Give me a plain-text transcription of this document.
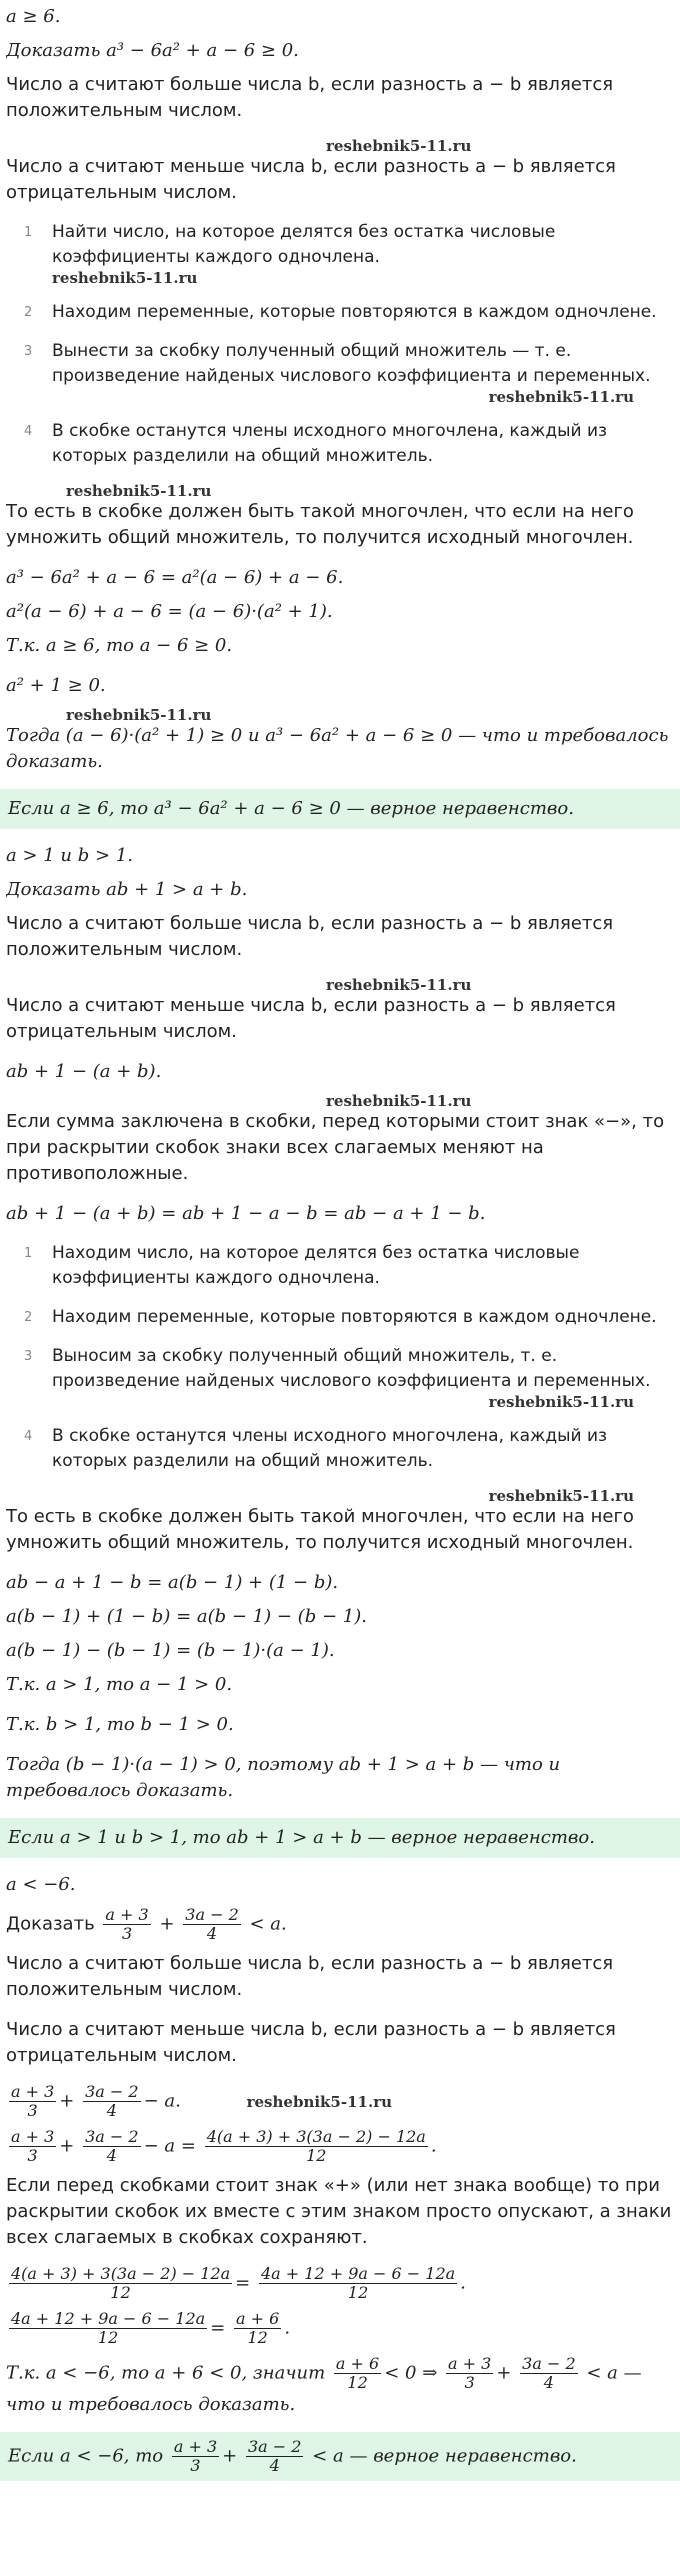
a ≥ 6.
Доказать a³ − 6a² + a − 6 ≥ 0.
Число a считают больше числа b, если разность a − b является положительным числом.
reshebnik5-11.ru
Число a считают меньше числа b, если разность a − b является отрицательным числом.
1 Найти число, на которое делятся без остатка числовые коэффициенты каждого одночлена.
reshebnik5-11.ru
2 Находим переменные, которые повторяются в каждом одночлене.
3 Вынести за скобку полученный общий множитель — т. е. произведение найденых числового коэффициента и переменных.
reshebnik5-11.ru
4 В скобке останутся члены исходного многочлена, каждый из которых разделили на общий множитель.
reshebnik5-11.ru
То есть в скобке должен быть такой многочлен, что если на него умножить общий множитель, то получится исходный многочлен.
a³ − 6a² + a − 6 = a²(a − 6) + a − 6.
a²(a − 6) + a − 6 = (a − 6)·(a² + 1).
Т.к. a ≥ 6, то a − 6 ≥ 0.
a² + 1 ≥ 0.
reshebnik5-11.ru
Тогда (a − 6)·(a² + 1) ≥ 0 и a³ − 6a² + a − 6 ≥ 0 — что и требовалось доказать.
Если a ≥ 6, то a³ − 6a² + a − 6 ≥ 0 — верное неравенство.
a > 1 и b > 1.
Доказать ab + 1 > a + b.
Число a считают больше числа b, если разность a − b является положительным числом.
reshebnik5-11.ru
Число a считают меньше числа b, если разность a − b является отрицательным числом.
ab + 1 − (a + b).
reshebnik5-11.ru
Если сумма заключена в скобки, перед которыми стоит знак «−», то при раскрытии скобок знаки всех слагаемых меняют на противоположные.
ab + 1 − (a + b) = ab + 1 − a − b = ab − a + 1 − b.
1 Находим число, на которое делятся без остатка числовые коэффициенты каждого одночлена.
2 Находим переменные, которые повторяются в каждом одночлене.
3 Выносим за скобку полученный общий множитель, т. е. произведение найденых числового коэффициента и переменных.
reshebnik5-11.ru
4 В скобке останутся члены исходного многочлена, каждый из которых разделили на общий множитель.
reshebnik5-11.ru
То есть в скобке должен быть такой многочлен, что если на него умножить общий множитель, то получится исходный многочлен.
ab − a + 1 − b = a(b − 1) + (1 − b).
a(b − 1) + (1 − b) = a(b − 1) − (b − 1).
a(b − 1) − (b − 1) = (b − 1)·(a − 1).
Т.к. a > 1, то a − 1 > 0.
Т.к. b > 1, то b − 1 > 0.
Тогда (b − 1)·(a − 1) > 0, поэтому ab + 1 > a + b — что и требовалось доказать.
Если a > 1 и b > 1, то ab + 1 > a + b — верное неравенство.
a < −6.
Доказать $\frac{a + 3}{3} + \frac{3a - 2}{4} < a$.
Число a считают больше числа b, если разность a − b является положительным числом.
Число a считают меньше числа b, если разность a − b является отрицательным числом.
$\frac{a + 3}{3} + \frac{3a - 2}{4} - a$.	reshebnik5-11.ru
$\frac{a + 3}{3} + \frac{3a - 2}{4} - a = \frac{4(a + 3) + 3(3a - 2) - 12a}{12}$ .
Если перед скобками стоит знак «+» (или нет знака вообще) то при раскрытии скобок их вместе с этим знаком просто опускают, а знаки всех слагаемых в скобках сохраняют.
$\frac{4(a + 3) + 3(3a - 2) - 12a}{12} = \frac{4a + 12 + 9a - 6 - 12a}{12}$ .
$\frac{4a + 12 + 9a - 6 - 12a}{12} = \frac{a + 6}{12}$ .
Т.к. a < −6, то a + 6 < 0, значит $\frac{a + 6}{12} < 0$ ⇒ $\frac{a + 3}{3} + \frac{3a - 2}{4} < a$ — что и требовалось доказать.
Если a < −6, то $\frac{a + 3}{3} + \frac{3a - 2}{4} < a$ — верное неравенство.
